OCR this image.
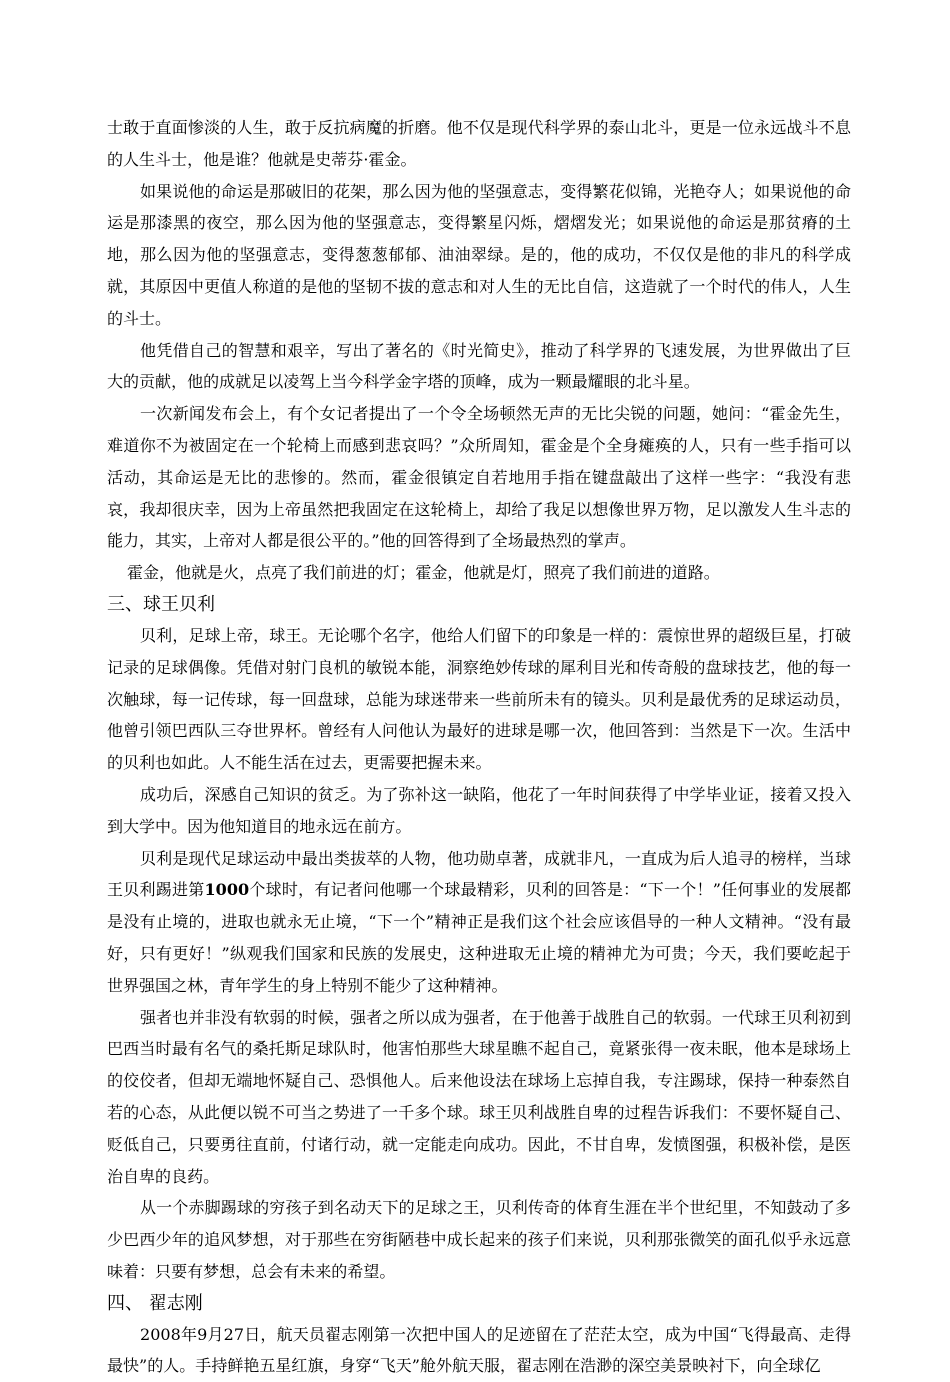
士敢于直面惨淡的人生，敢于反抗病魔的折磨。他不仅是现代科学界的泰山北斗，更是一位永远战斗不息的人生斗士，他是谁？他就是史蒂芬·霍金。

如果说他的命运是那破旧的花架，那么因为他的坚强意志，变得繁花似锦，光艳夺人；如果说他的命运是那漆黑的夜空，那么因为他的坚强意志，变得繁星闪烁，熠熠发光；如果说他的命运是那贫瘠的土地，那么因为他的坚强意志，变得葱葱郁郁、油油翠绿。是的，他的成功，不仅仅是他的非凡的科学成就，其原因中更值人称道的是他的坚韧不拔的意志和对人生的无比自信，这造就了一个时代的伟人，人生的斗士。

他凭借自己的智慧和艰辛，写出了著名的《时光简史》，推动了科学界的飞速发展，为世界做出了巨大的贡献，他的成就足以凌驾上当今科学金字塔的顶峰，成为一颗最耀眼的北斗星。

一次新闻发布会上，有个女记者提出了一个令全场顿然无声的无比尖锐的问题，她问：“霍金先生，难道你不为被固定在一个轮椅上而感到悲哀吗？”众所周知，霍金是个全身瘫痪的人，只有一些手指可以活动，其命运是无比的悲惨的。然而，霍金很镇定自若地用手指在键盘敲出了这样一些字：“我没有悲哀，我却很庆幸，因为上帝虽然把我固定在这轮椅上，却给了我足以想像世界万物，足以激发人生斗志的能力，其实，上帝对人都是很公平的。”他的回答得到了全场最热烈的掌声。

霍金，他就是火，点亮了我们前进的灯；霍金，他就是灯，照亮了我们前进的道路。

三、球王贝利

贝利，足球上帝，球王。无论哪个名字，他给人们留下的印象是一样的：震惊世界的超级巨星，打破记录的足球偶像。凭借对射门良机的敏锐本能，洞察绝妙传球的犀利目光和传奇般的盘球技艺，他的每一次触球，每一记传球，每一回盘球，总能为球迷带来一些前所未有的镜头。贝利是最优秀的足球运动员，他曾引领巴西队三夺世界杯。曾经有人问他认为最好的进球是哪一次，他回答到：当然是下一次。生活中的贝利也如此。人不能生活在过去，更需要把握未来。

成功后，深感自己知识的贫乏。为了弥补这一缺陷，他花了一年时间获得了中学毕业证，接着又投入到大学中。因为他知道目的地永远在前方。

贝利是现代足球运动中最出类拔萃的人物，他功勋卓著，成就非凡，一直成为后人追寻的榜样，当球王贝利踢进第1000个球时，有记者问他哪一个球最精彩，贝利的回答是：“下一个！”任何事业的发展都是没有止境的，进取也就永无止境，“下一个”精神正是我们这个社会应该倡导的一种人文精神。“没有最好，只有更好！”纵观我们国家和民族的发展史，这种进取无止境的精神尤为可贵；今天，我们要屹起于世界强国之林，青年学生的身上特别不能少了这种精神。

强者也并非没有软弱的时候，强者之所以成为强者，在于他善于战胜自己的软弱。一代球王贝利初到巴西当时最有名气的桑托斯足球队时，他害怕那些大球星瞧不起自己，竟紧张得一夜未眠，他本是球场上的佼佼者，但却无端地怀疑自己、恐惧他人。后来他设法在球场上忘掉自我，专注踢球，保持一种泰然自若的心态，从此便以锐不可当之势进了一千多个球。球王贝利战胜自卑的过程告诉我们：不要怀疑自己、贬低自己，只要勇往直前，付诸行动，就一定能走向成功。因此，不甘自卑，发愤图强，积极补偿，是医治自卑的良药。

从一个赤脚踢球的穷孩子到名动天下的足球之王，贝利传奇的体育生涯在半个世纪里，不知鼓动了多少巴西少年的追风梦想，对于那些在穷街陋巷中成长起来的孩子们来说，贝利那张微笑的面孔似乎永远意味着：只要有梦想，总会有未来的希望。

四、 翟志刚

2008年9月27日，航天员翟志刚第一次把中国人的足迹留在了茫茫太空，成为中国“飞得最高、走得最快”的人。手持鲜艳五星红旗，身穿“飞天”舱外航天服，翟志刚在浩渺的深空美景映衬下，向全球亿
